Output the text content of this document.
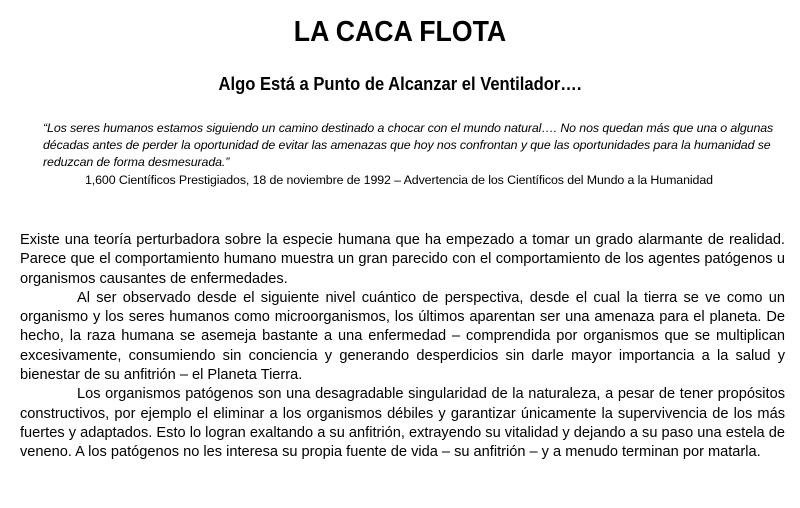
LA CACA FLOTA
Algo Está a Punto de Alcanzar el Ventilador….
“Los seres humanos estamos siguiendo un camino destinado a chocar con el mundo natural…. No nos quedan más que una o algunas décadas antes de perder la oportunidad de evitar las amenazas que hoy nos confrontan y que las oportunidades para la humanidad se reduzcan de forma desmesurada.”
1,600 Científicos Prestigiados, 18 de noviembre de 1992 – Advertencia de los Científicos del Mundo a la Humanidad

Existe una teoría perturbadora sobre la especie humana que ha empezado a tomar un grado alarmante de realidad. Parece que el comportamiento humano muestra un gran parecido con el comportamiento de los agentes patógenos u organismos causantes de enfermedades.

Al ser observado desde el siguiente nivel cuántico de perspectiva, desde el cual la tierra se ve como un organismo y los seres humanos como microorganismos, los últimos aparentan ser una amenaza para el planeta. De hecho, la raza humana se asemeja bastante a una enfermedad – comprendida por organismos que se multiplican excesivamente, consumiendo sin conciencia y generando desperdicios sin darle mayor importancia a la salud y bienestar de su anfitrión – el Planeta Tierra.

Los organismos patógenos son una desagradable singularidad de la naturaleza, a pesar de tener propósitos constructivos, por ejemplo el eliminar a los organismos débiles y garantizar únicamente la supervivencia de los más fuertes y adaptados. Esto lo logran exaltando a su anfitrión, extrayendo su vitalidad y dejando a su paso una estela de veneno. A los patógenos no les interesa su propia fuente de vida – su anfitrión – y a menudo terminan por matarla.
